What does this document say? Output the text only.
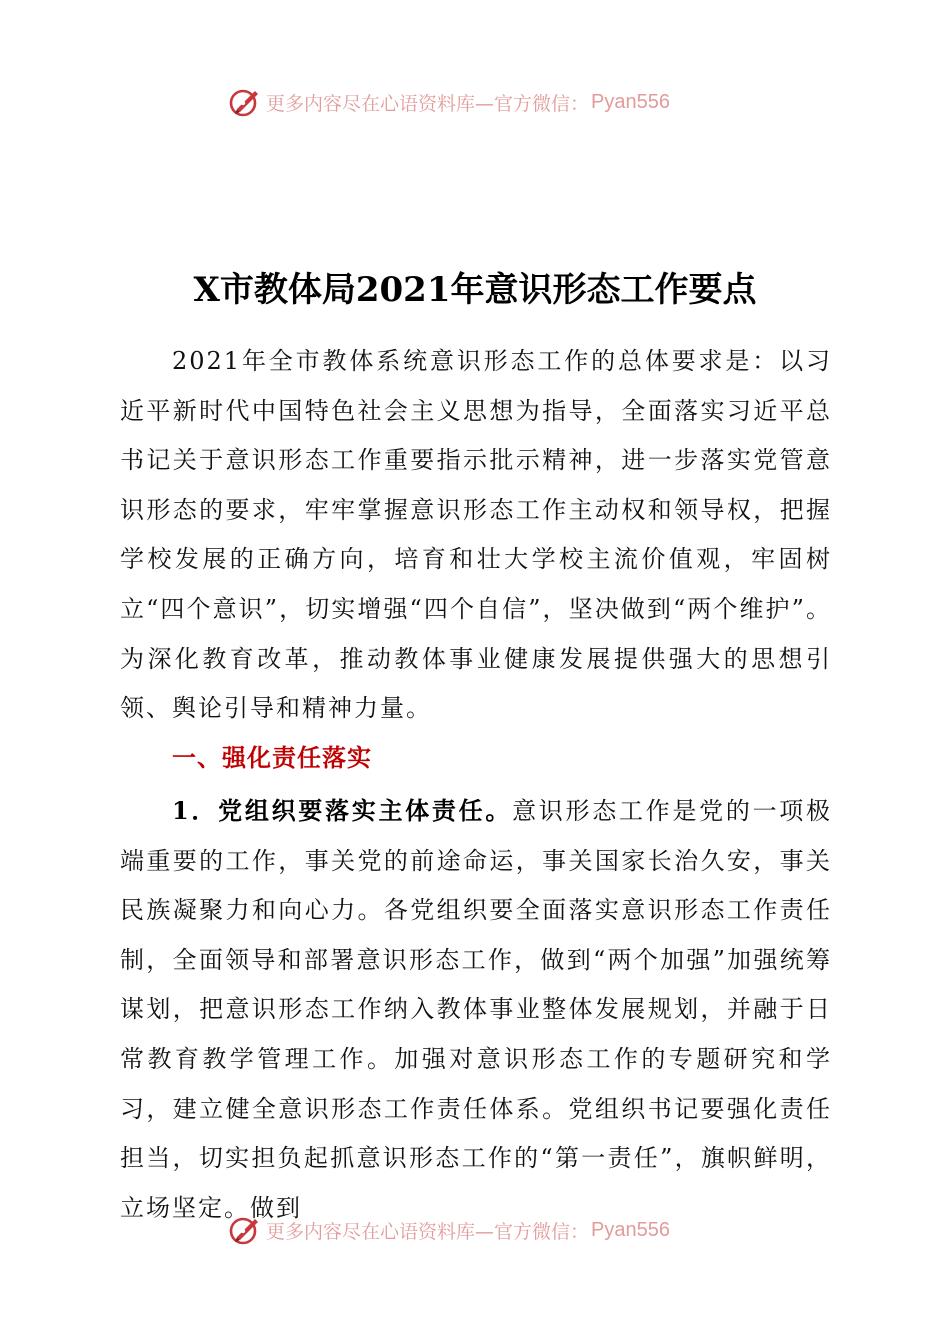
更多内容尽在心语资料库—官方微信： Pyan556
X市教体局2021年意识形态工作要点

2021年全市教体系统意识形态工作的总体要求是：以习近平新时代中国特色社会主义思想为指导，全面落实习近平总书记关于意识形态工作重要指示批示精神，进一步落实党管意识形态的要求，牢牢掌握意识形态工作主动权和领导权，把握学校发展的正确方向，培育和壮大学校主流价值观，牢固树立“四个意识”，切实增强“四个自信”，坚决做到“两个维护”。为深化教育改革，推动教体事业健康发展提供强大的思想引领、舆论引导和精神力量。

一、强化责任落实

1．党组织要落实主体责任。意识形态工作是党的一项极端重要的工作，事关党的前途命运，事关国家长治久安，事关民族凝聚力和向心力。各党组织要全面落实意识形态工作责任制，全面领导和部署意识形态工作，做到“两个加强”加强统筹谋划，把意识形态工作纳入教体事业整体发展规划，并融于日常教育教学管理工作。加强对意识形态工作的专题研究和学习，建立健全意识形态工作责任体系。党组织书记要强化责任担当，切实担负起抓意识形态工作的“第一责任”，旗帜鲜明，立场坚定。做到

更多内容尽在心语资料库—官方微信： Pyan556
